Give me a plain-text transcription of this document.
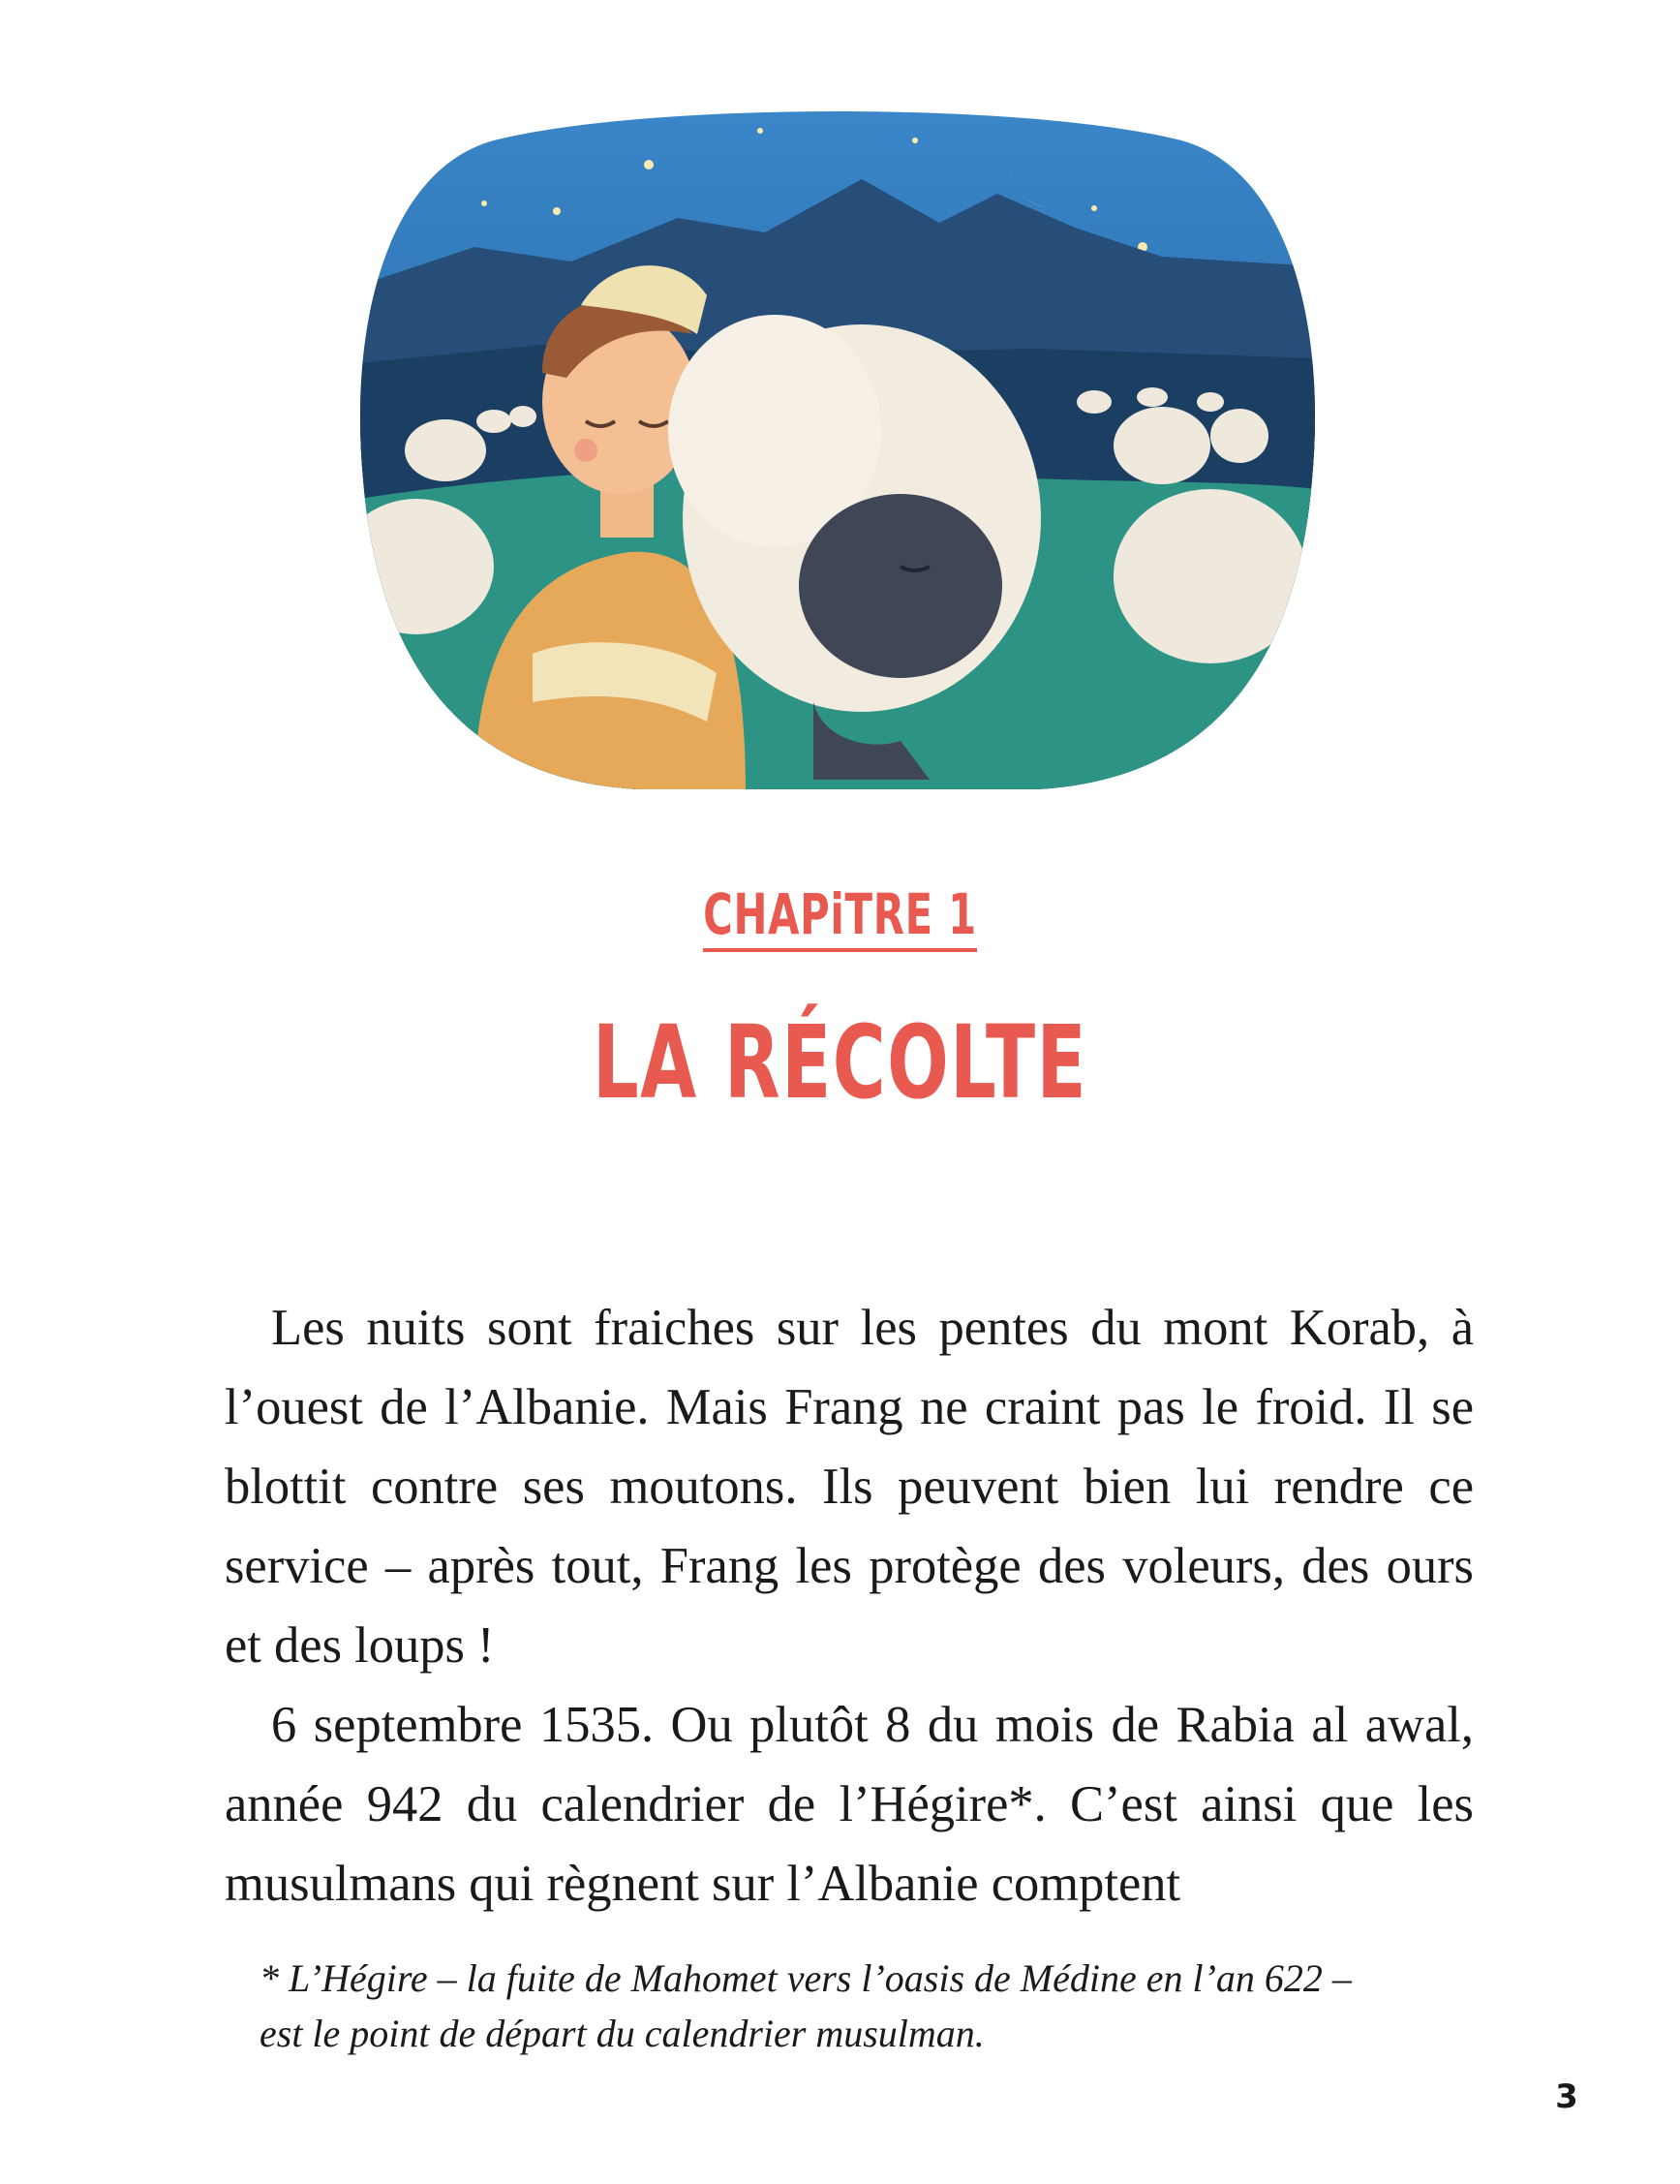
CHAPiTRE 1
LA RÉCOLTE

Les nuits sont fraiches sur les pentes du mont Korab, à l’ouest de l’Albanie. Mais Frang ne craint pas le froid. Il se blottit contre ses moutons. Ils peuvent bien lui rendre ce service – après tout, Frang les protège des voleurs, des ours et des loups !

6 septembre 1535. Ou plutôt 8 du mois de Rabia al awal, année 942 du calendrier de l’Hégire*. C’est ainsi que les musulmans qui règnent sur l’Albanie comptent

* L’Hégire – la fuite de Mahomet vers l’oasis de Médine en l’an 622 –
est le point de départ du calendrier musulman.
3
